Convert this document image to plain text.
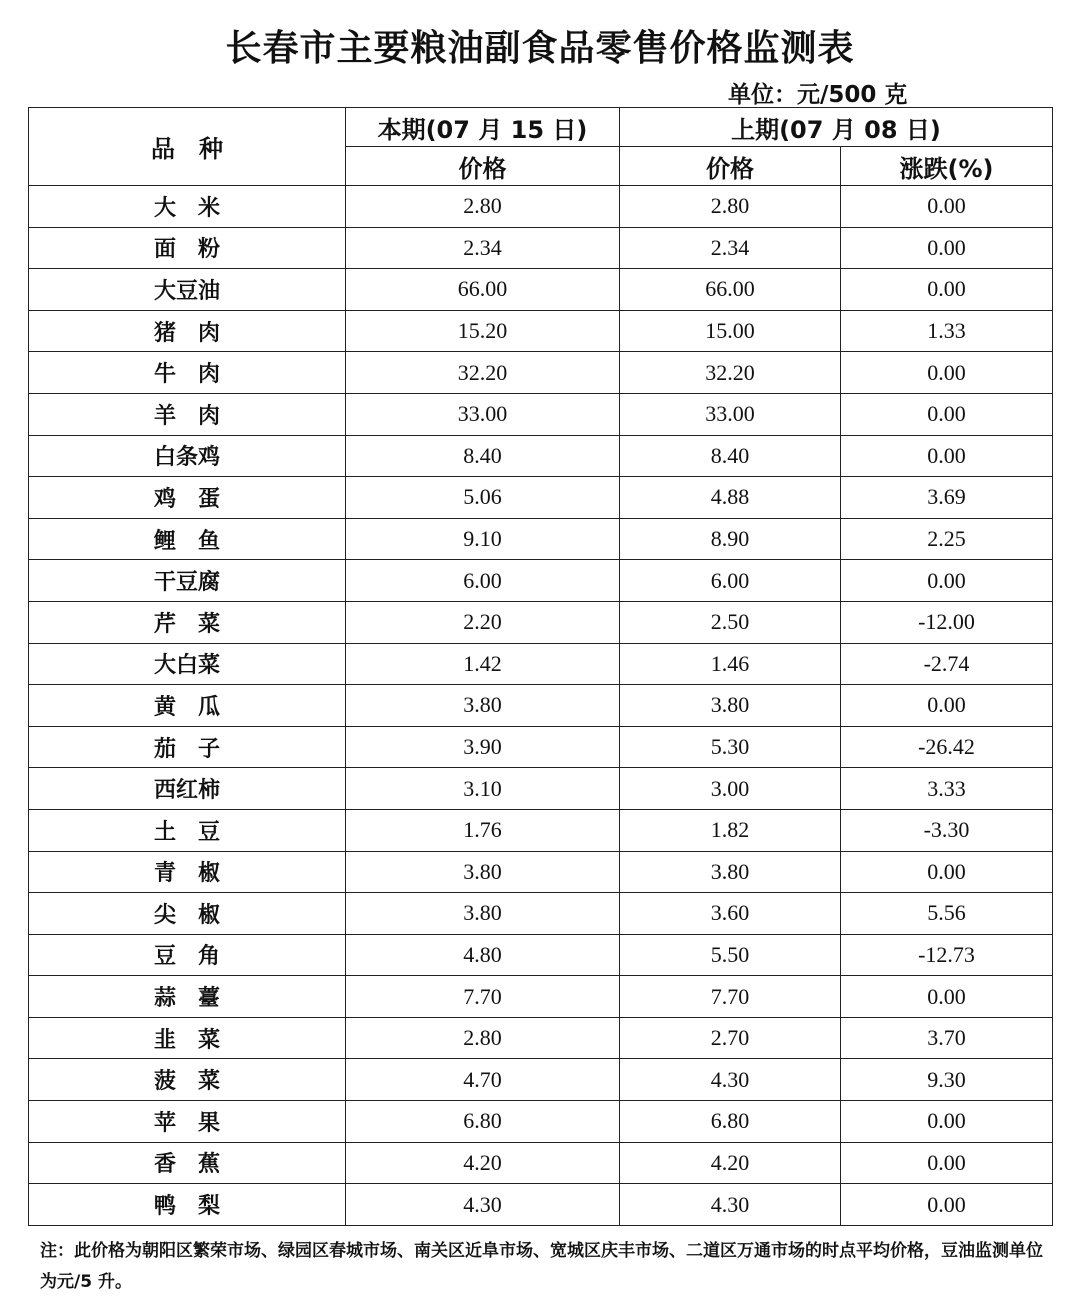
长春市主要粮油副食品零售价格监测表
单位：元/500 克
品　种	本期(07 月 15 日)	上期(07 月 08 日)	
	价格	价格	涨跌(%)
大　米	2.80	2.80	0.00
面　粉	2.34	2.34	0.00
大豆油	66.00	66.00	0.00
猪　肉	15.20	15.00	1.33
牛　肉	32.20	32.20	0.00
羊　肉	33.00	33.00	0.00
白条鸡	8.40	8.40	0.00
鸡　蛋	5.06	4.88	3.69
鲤　鱼	9.10	8.90	2.25
干豆腐	6.00	6.00	0.00
芹　菜	2.20	2.50	-12.00
大白菜	1.42	1.46	-2.74
黄　瓜	3.80	3.80	0.00
茄　子	3.90	5.30	-26.42
西红柿	3.10	3.00	3.33
土　豆	1.76	1.82	-3.30
青　椒	3.80	3.80	0.00
尖　椒	3.80	3.60	5.56
豆　角	4.80	5.50	-12.73
蒜　薹	7.70	7.70	0.00
韭　菜	2.80	2.70	3.70
菠　菜	4.70	4.30	9.30
苹　果	6.80	6.80	0.00
香　蕉	4.20	4.20	0.00
鸭　梨	4.30	4.30	0.00
注：此价格为朝阳区繁荣市场、绿园区春城市场、南关区近阜市场、宽城区庆丰市场、二道区万通市场的时点平均价格，豆油监测单位为元/5 升。
